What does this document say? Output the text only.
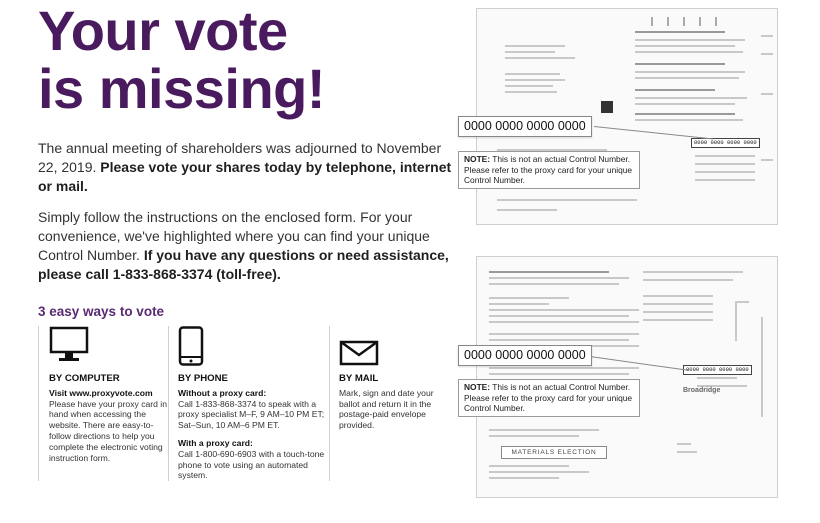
Your vote
is missing!

The annual meeting of shareholders was adjourned to November 22, 2019. Please vote your shares today by telephone, internet or mail.

Simply follow the instructions on the enclosed form. For your convenience, we've highlighted where you can find your unique Control Number. If you have any questions or need assistance, please call 1-833-868-3374 (toll-free).

3 easy ways to vote

BY COMPUTER

Visit www.proxyvote.com

Please have your proxy card in hand when accessing the website. There are easy-to-follow directions to help you complete the electronic voting instruction form.

BY PHONE

Without a proxy card:

Call 1-833-868-3374 to speak with a proxy specialist M–F, 9 AM–10 PM ET; Sat–Sun, 10 AM–6 PM ET.

With a proxy card:

Call 1-800-690-6903 with a touch-tone phone to vote using an automated system.

BY MAIL

Mark, sign and date your ballot and return it in the postage-paid envelope provided.

0000 0000 0000 0000
0000 0000 0000 0000
NOTE: This is not an actual Control Number. Please refer to the proxy card for your unique Control Number.
MATERIALS ELECTION
Broadridge
0000 0000 0000 0000
0000 0000 0000 0000
NOTE: This is not an actual Control Number. Please refer to the proxy card for your unique Control Number.
